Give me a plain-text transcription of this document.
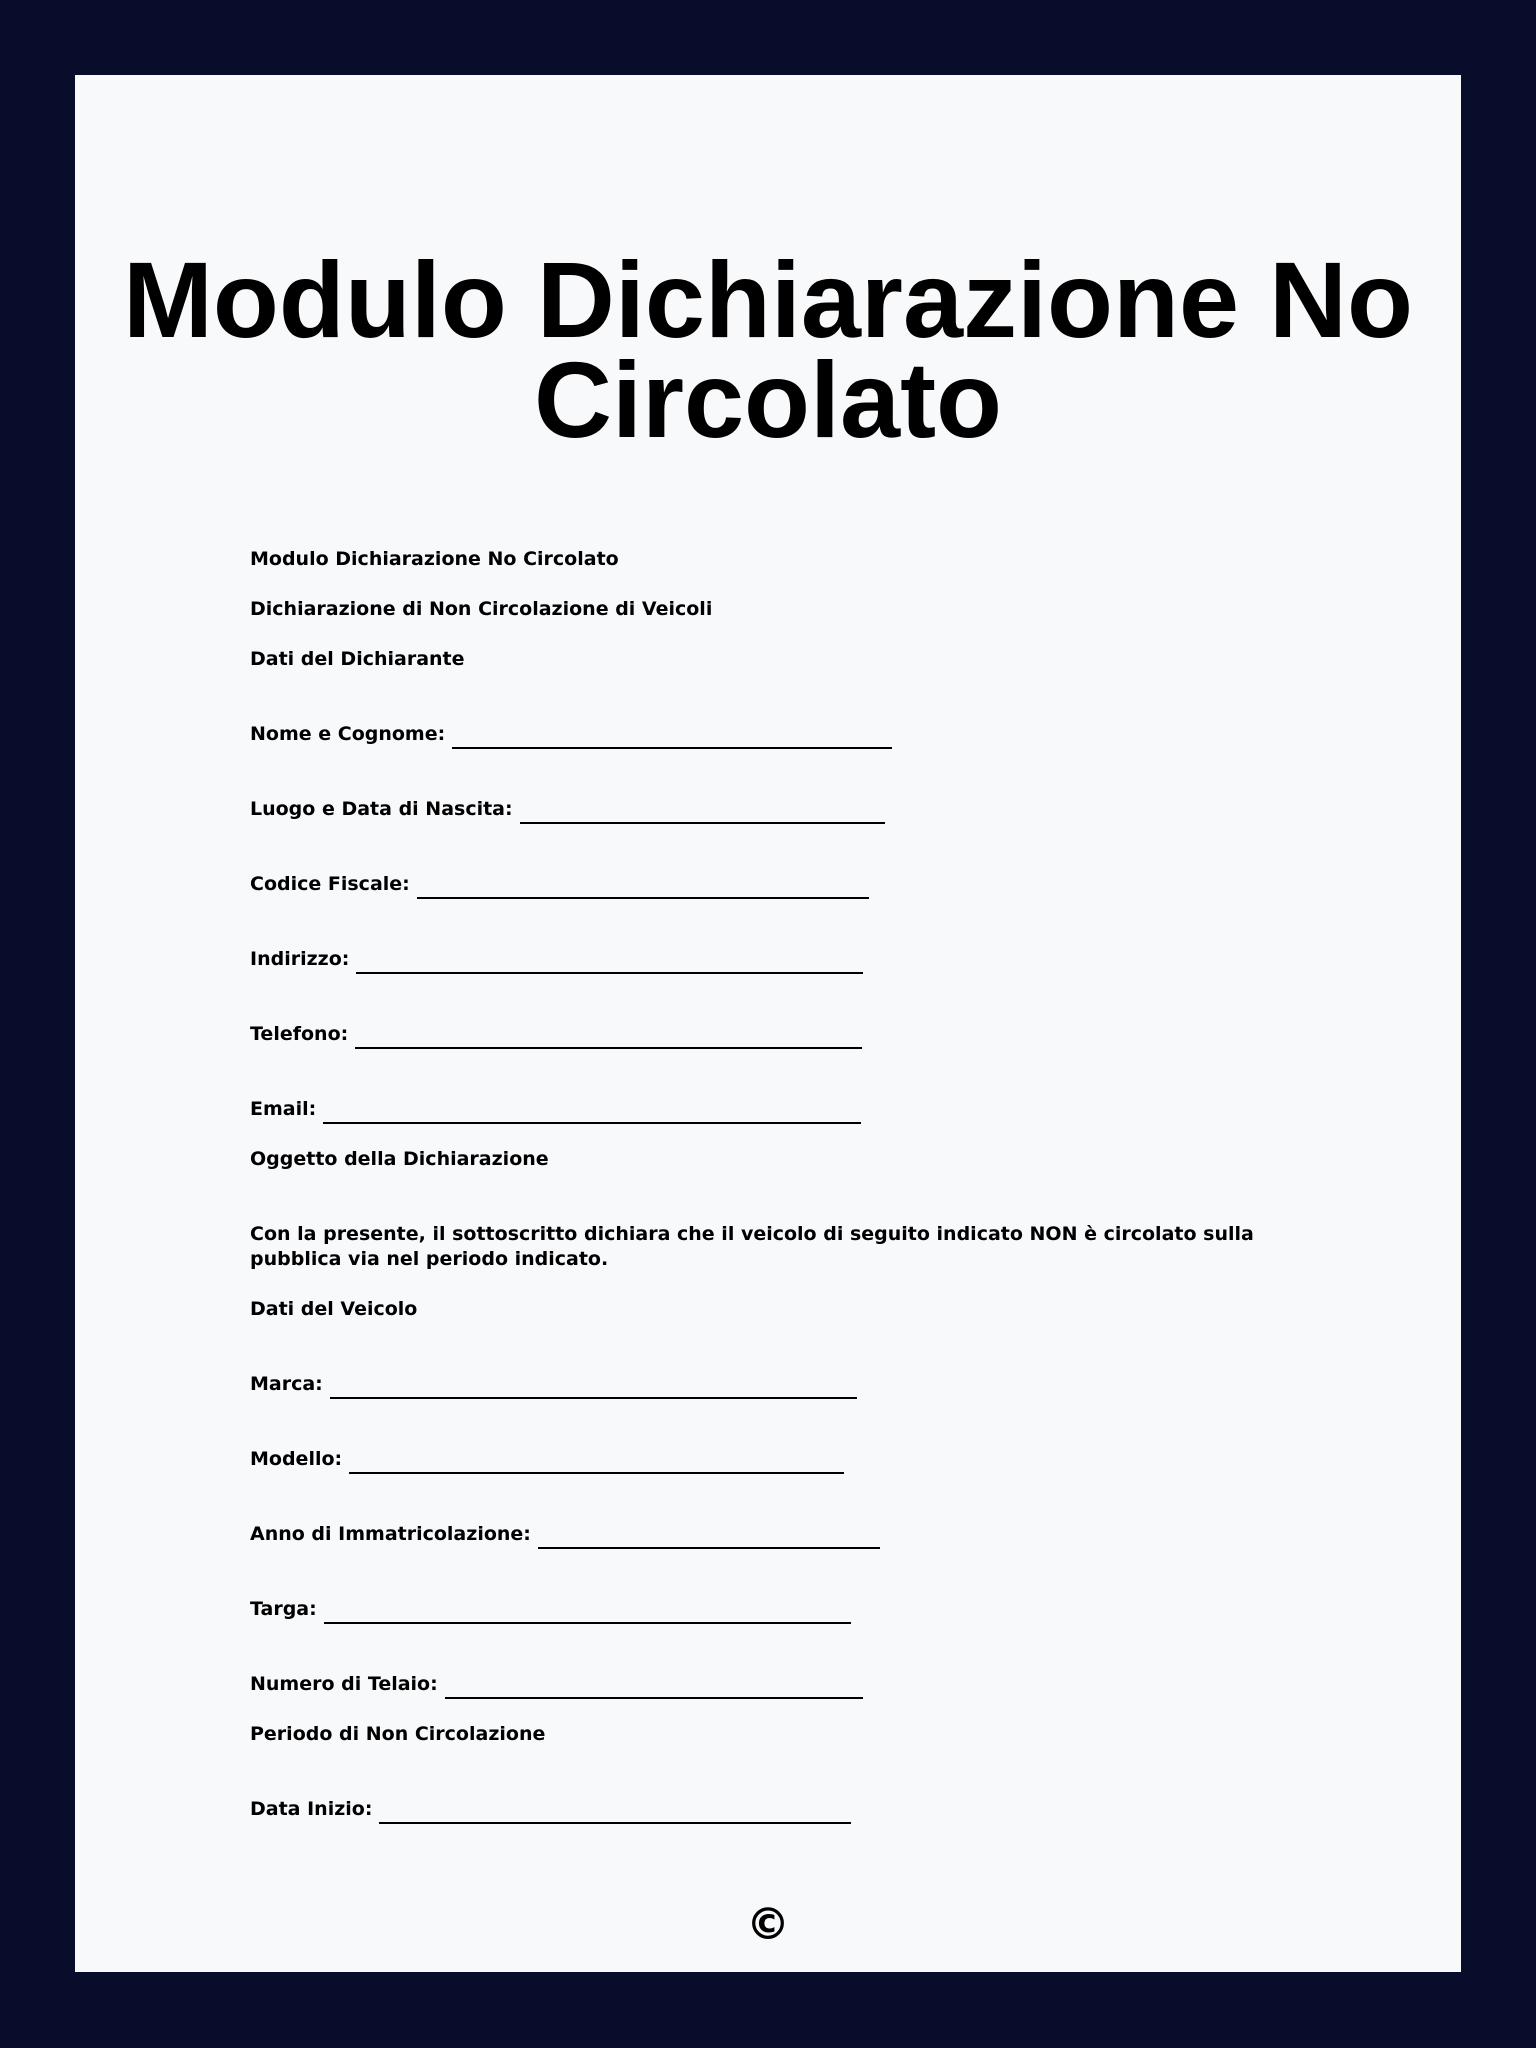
Modulo Dichiarazione No Circolato
Modulo Dichiarazione No Circolato
Dichiarazione di Non Circolazione di Veicoli
Dati del Dichiarante
Nome e Cognome:
Luogo e Data di Nascita:
Codice Fiscale:
Indirizzo:
Telefono:
Email:
Oggetto della Dichiarazione
Con la presente, il sottoscritto dichiara che il veicolo di seguito indicato NON è circolato sulla pubblica via nel periodo indicato.
Dati del Veicolo
Marca:
Modello:
Anno di Immatricolazione:
Targa:
Numero di Telaio:
Periodo di Non Circolazione
Data Inizio:
©
